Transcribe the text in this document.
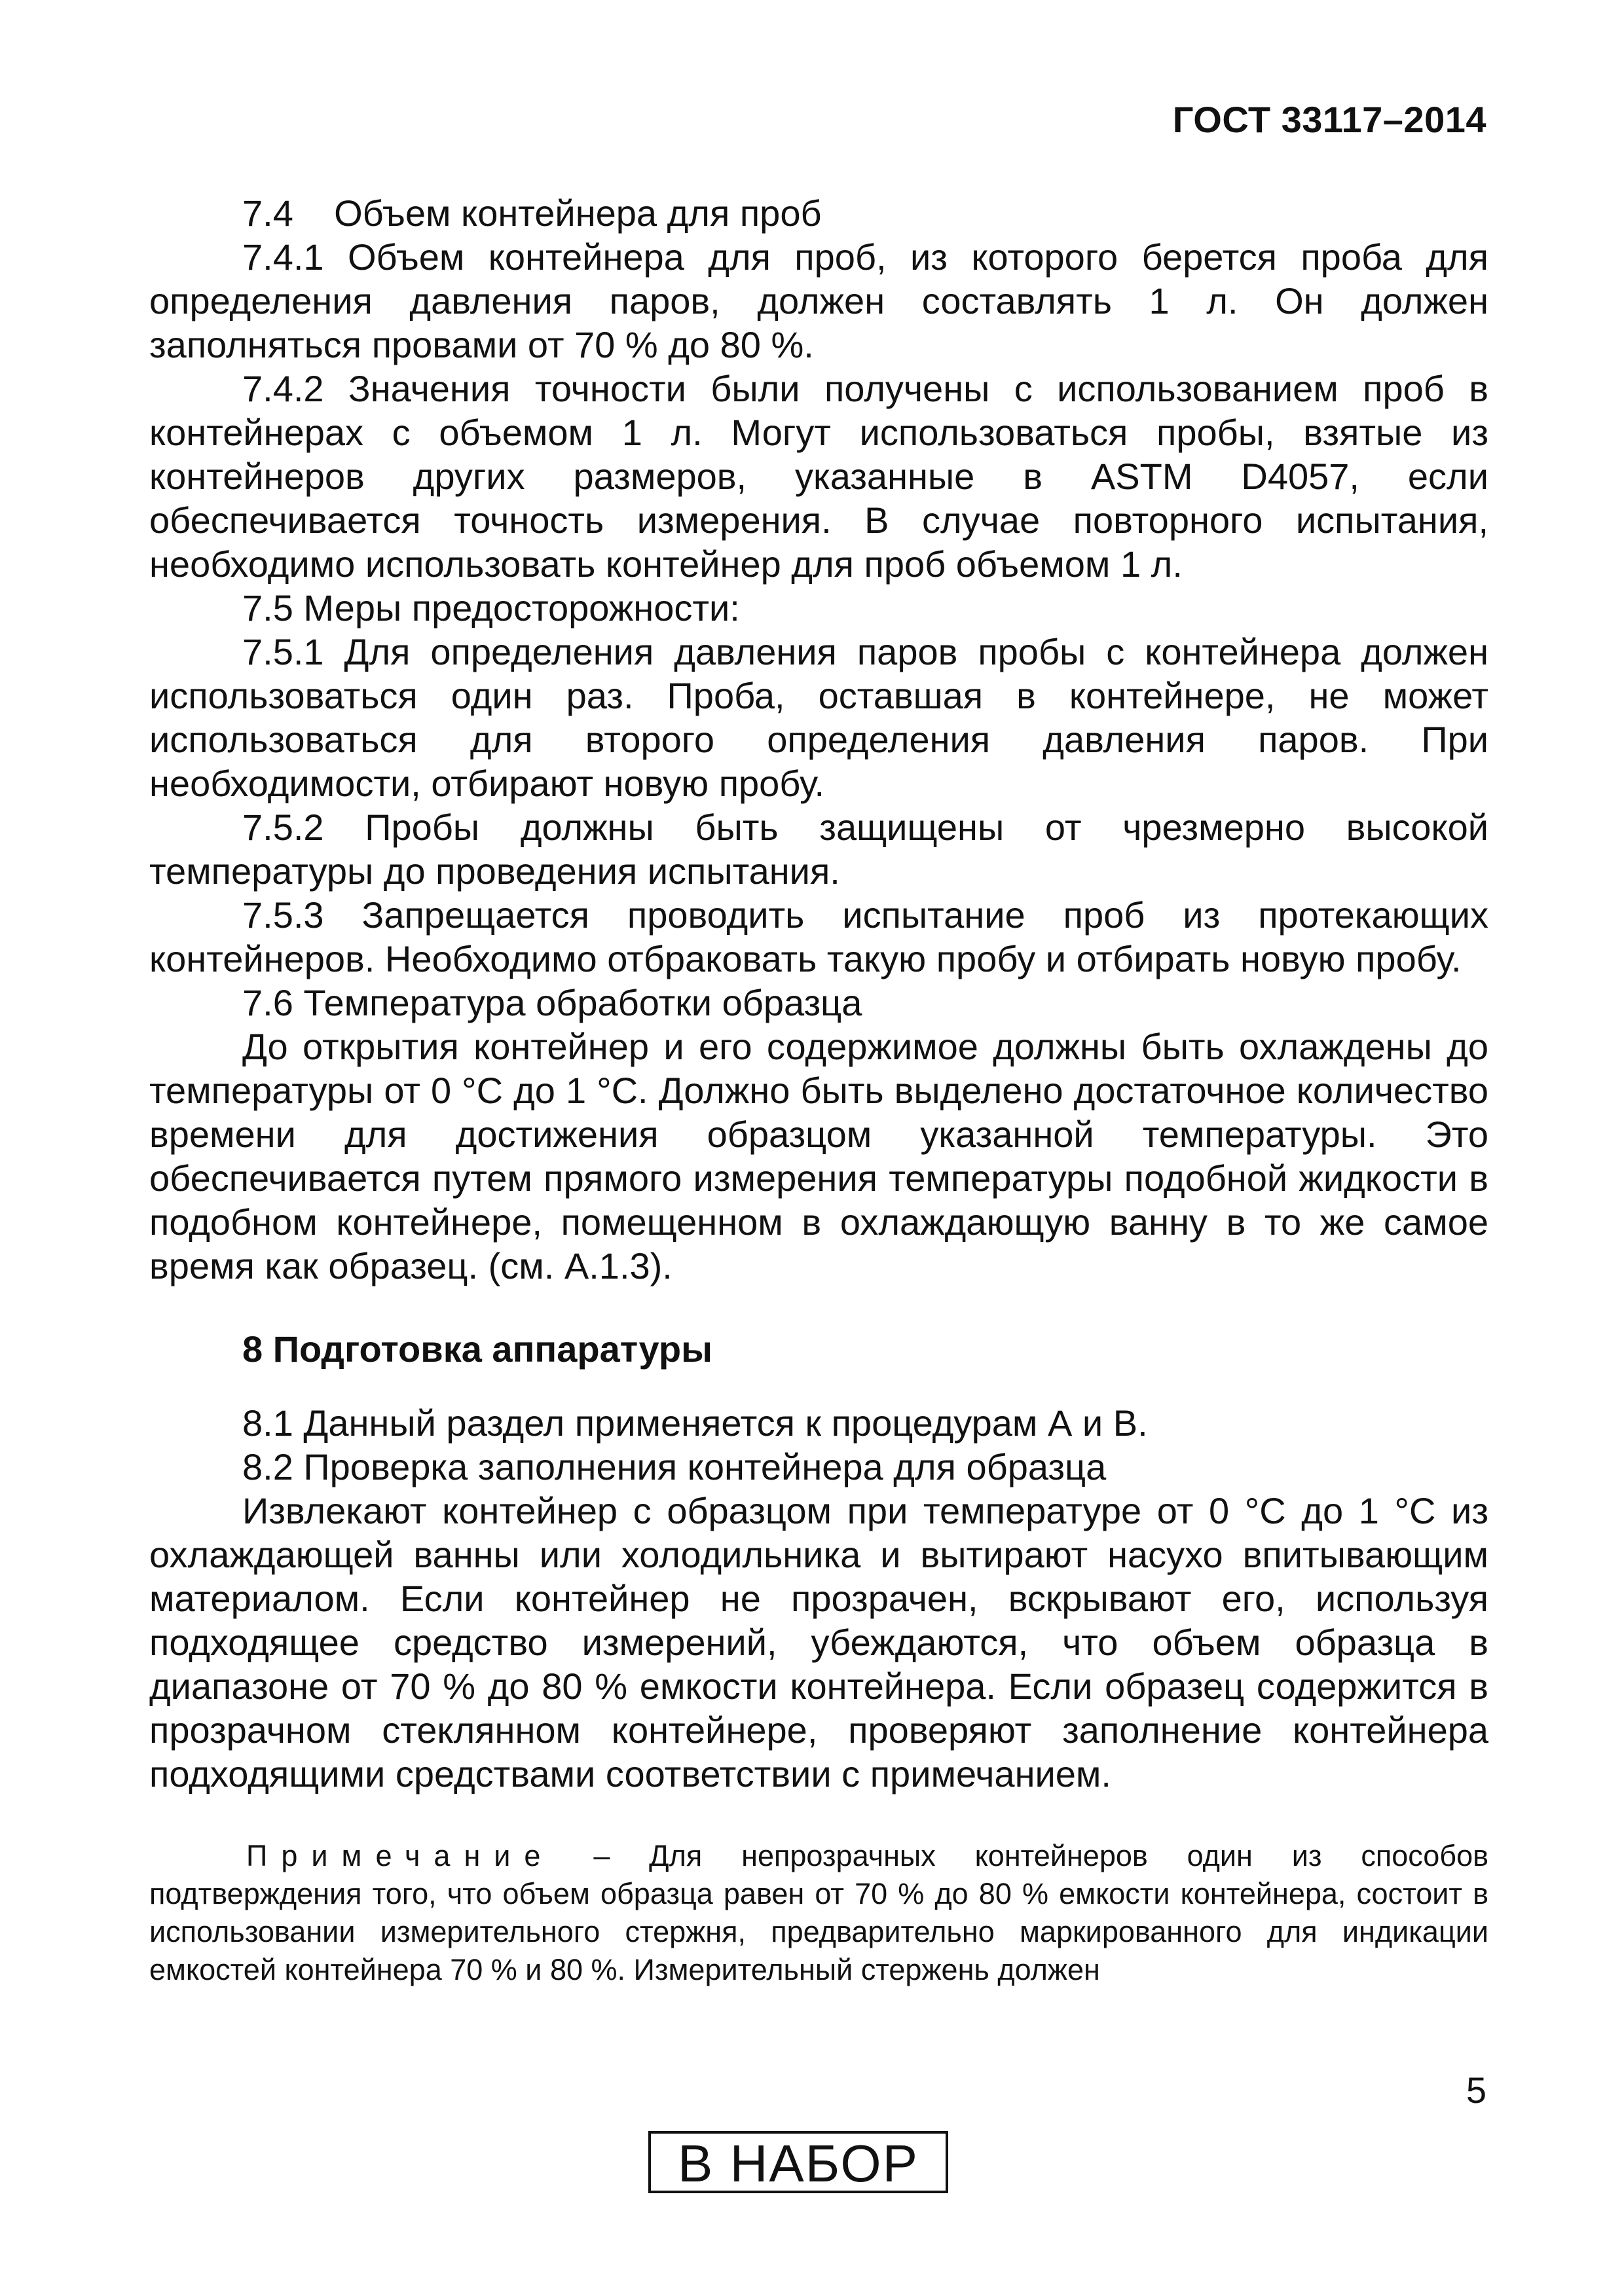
ГОСТ 33117–2014

7.4    Объем контейнера для проб

7.4.1 Объем контейнера для проб, из которого берется проба для определения давления паров, должен составлять 1 л. Он должен заполняться провами от 70 % до 80 %.

7.4.2 Значения точности были получены с использованием проб в контейнерах с объемом 1 л. Могут использоваться пробы, взятые из контейнеров других размеров, указанные в ASTM D4057, если обеспечивается точность измерения. В случае повторного испытания, необходимо использовать контейнер для проб объемом 1 л.

7.5 Меры предосторожности:

7.5.1 Для определения давления паров пробы с контейнера должен использоваться один раз. Проба, оставшая в контейнере, не может использоваться для второго определения давления паров. При необходимости, отбирают новую пробу.

7.5.2 Пробы должны быть защищены от чрезмерно высокой температуры до проведения испытания.

7.5.3 Запрещается проводить испытание проб из протекающих контейнеров. Необходимо отбраковать такую пробу и отбирать новую пробу.

7.6 Температура обработки образца

До открытия контейнер и его содержимое должны быть охлаждены до температуры от 0 °С до 1 °С. Должно быть выделено достаточное количество времени для достижения образцом указанной температуры. Это обеспечивается путем прямого измерения температуры подобной жидкости в подобном контейнере, помещенном в охлаждающую ванну в то же самое время как образец. (см. А.1.3).

8 Подготовка аппаратуры

8.1 Данный раздел применяется к процедурам А и В.

8.2 Проверка заполнения контейнера для образца

Извлекают контейнер с образцом при температуре от 0 °С до 1 °С из охлаждающей ванны или холодильника и вытирают насухо впитывающим материалом. Если контейнер не прозрачен, вскрывают его, используя подходящее средство измерений, убеждаются, что объем образца в диапазоне от 70 % до 80 % емкости контейнера. Если образец содержится в прозрачном стеклянном контейнере, проверяют заполнение контейнера подходящими средствами соответствии с примечанием.

Примечание – Для непрозрачных контейнеров один из способов подтверждения того, что объем образца равен от 70 % до 80 % емкости контейнера, состоит в использовании измерительного стержня, предварительно маркированного для индикации емкостей контейнера 70 % и 80 %. Измерительный стержень должен

5
В НАБОР
